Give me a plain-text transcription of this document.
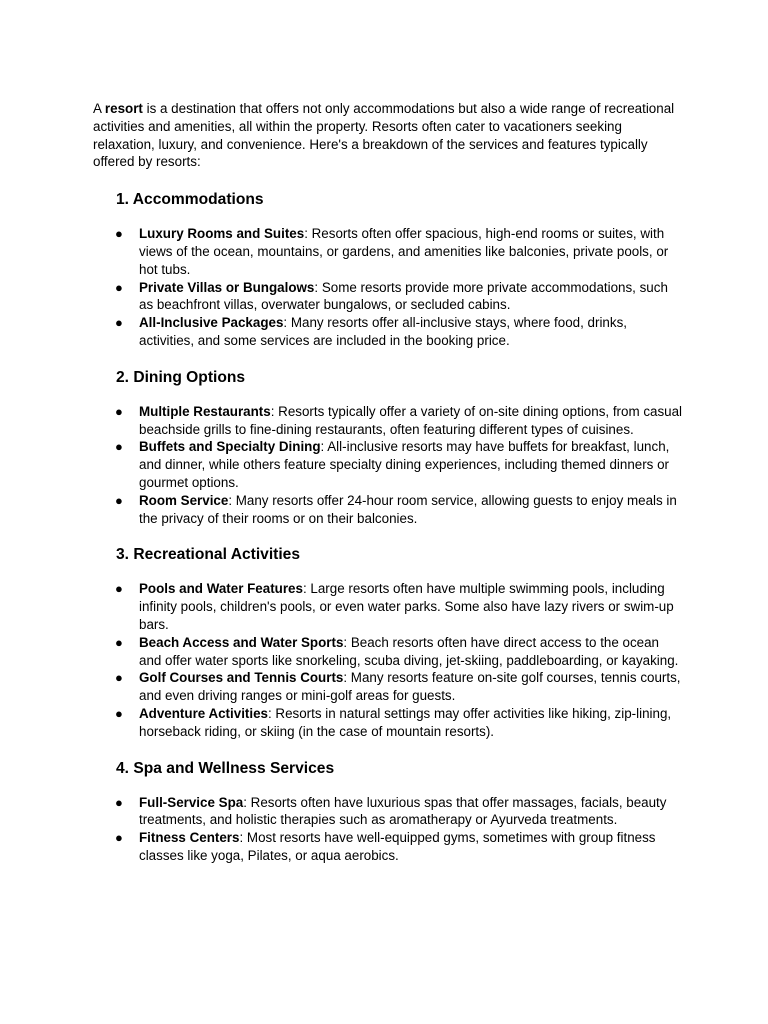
A resort is a destination that offers not only accommodations but also a wide range of recreational activities and amenities, all within the property. Resorts often cater to vacationers seeking relaxation, luxury, and convenience. Here's a breakdown of the services and features typically offered by resorts:

1. Accommodations
● Luxury Rooms and Suites: Resorts often offer spacious, high-end rooms or suites, with views of the ocean, mountains, or gardens, and amenities like balconies, private pools, or hot tubs.
● Private Villas or Bungalows: Some resorts provide more private accommodations, such as beachfront villas, overwater bungalows, or secluded cabins.
● All-Inclusive Packages: Many resorts offer all-inclusive stays, where food, drinks, activities, and some services are included in the booking price.
2. Dining Options
● Multiple Restaurants: Resorts typically offer a variety of on-site dining options, from casual beachside grills to fine-dining restaurants, often featuring different types of cuisines.
● Buffets and Specialty Dining: All-inclusive resorts may have buffets for breakfast, lunch, and dinner, while others feature specialty dining experiences, including themed dinners or gourmet options.
● Room Service: Many resorts offer 24-hour room service, allowing guests to enjoy meals in the privacy of their rooms or on their balconies.
3. Recreational Activities
● Pools and Water Features: Large resorts often have multiple swimming pools, including infinity pools, children's pools, or even water parks. Some also have lazy rivers or swim-up bars.
● Beach Access and Water Sports: Beach resorts often have direct access to the ocean and offer water sports like snorkeling, scuba diving, jet-skiing, paddleboarding, or kayaking.
● Golf Courses and Tennis Courts: Many resorts feature on-site golf courses, tennis courts, and even driving ranges or mini-golf areas for guests.
● Adventure Activities: Resorts in natural settings may offer activities like hiking, zip-lining, horseback riding, or skiing (in the case of mountain resorts).
4. Spa and Wellness Services
● Full-Service Spa: Resorts often have luxurious spas that offer massages, facials, beauty treatments, and holistic therapies such as aromatherapy or Ayurveda treatments.
● Fitness Centers: Most resorts have well-equipped gyms, sometimes with group fitness classes like yoga, Pilates, or aqua aerobics.
